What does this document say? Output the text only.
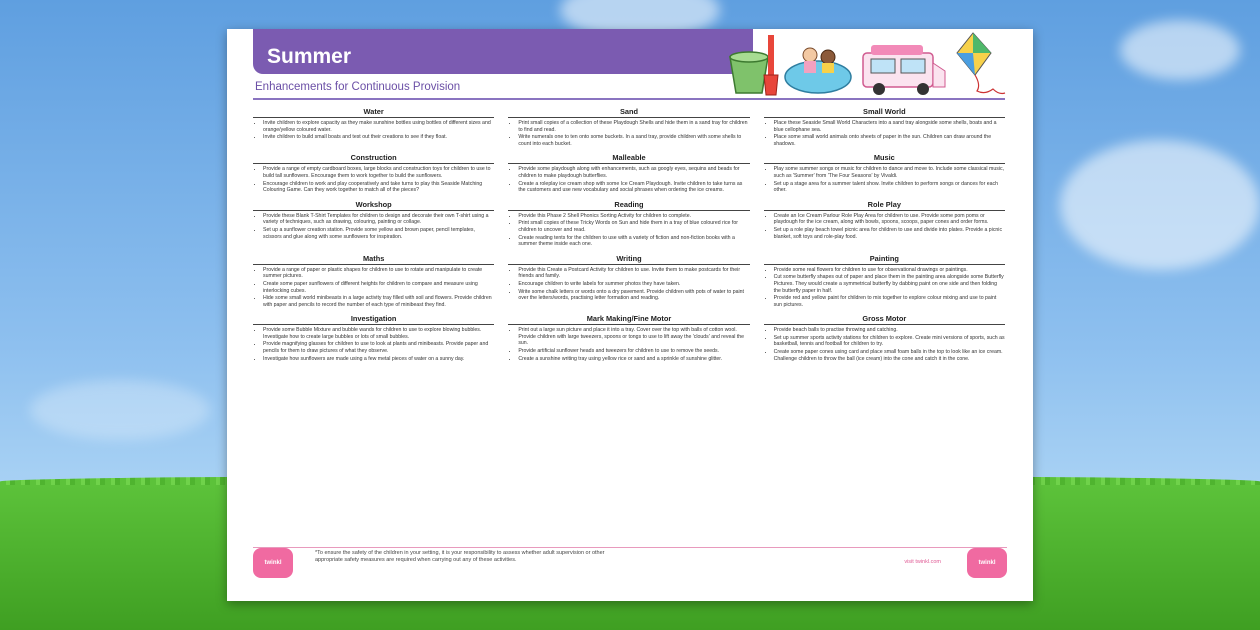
Summer
Enhancements for Continuous Provision
Water
• Invite children to explore capacity as they make sunshine bottles using bottles of different sizes and orange/yellow coloured water.
• Invite children to build small boats and test out their creations to see if they float.
Sand
• Print small copies of a collection of these Playdough Shells and hide them in a sand tray for children to find and read.
• Write numerals one to ten onto some buckets. In a sand tray, provide children with some shells to count into each bucket.
Small World
• Place these Seaside Small World Characters into a sand tray alongside some shells, boats and a blue cellophane sea.
• Place some small world animals onto sheets of paper in the sun. Children can draw around the shadows.
Construction
• Provide a range of empty cardboard boxes, large blocks and construction toys for children to use to build tall sunflowers. Encourage them to work together to build the sunflowers.
• Encourage children to work and play cooperatively and take turns to play this Seaside Matching Colouring Game. Can they work together to match all of the pieces?
Malleable
• Provide some playdough along with enhancements, such as googly eyes, sequins and beads for children to make playdough butterflies.
• Create a roleplay ice cream shop with some Ice Cream Playdough. Invite children to take turns as the customers and use new vocabulary and social phrases when ordering the ice creams.
Music
• Play some summer songs or music for children to dance and move to. Include some classical music, such as 'Summer' from 'The Four Seasons' by Vivaldi.
• Set up a stage area for a summer talent show. Invite children to perform songs or dances for each other.
Workshop
• Provide these Blank T-Shirt Templates for children to design and decorate their own T-shirt using a variety of techniques, such as drawing, colouring, painting or collage.
• Set up a sunflower creation station. Provide some yellow and brown paper, pencil templates, scissors and glue along with some sunflowers for inspiration.
Reading
• Provide this Phase 2 Shell Phonics Sorting Activity for children to complete.
• Print small copies of these Tricky Words on Sun and hide them in a tray of blue coloured rice for children to uncover and read.
• Create reading tents for the children to use with a variety of fiction and non-fiction books with a summer theme inside each one.
Role Play
• Create an Ice Cream Parlour Role Play Area for children to use. Provide some pom poms or playdough for the ice cream, along with bowls, spoons, scoops, paper cones and order forms.
• Set up a role play beach towel picnic area for children to use and divide into plates. Provide a picnic blanket, soft toys and role-play food.
Maths
• Provide a range of paper or plastic shapes for children to use to rotate and manipulate to create summer pictures.
• Create some paper sunflowers of different heights for children to compare and measure using interlocking cubes.
• Hide some small world minibeasts in a large activity tray filled with soil and flowers. Provide children with paper and pencils to record the number of each type of minibeast they find.
Writing
• Provide this Create a Postcard Activity for children to use. Invite them to make postcards for their friends and family.
• Encourage children to write labels for summer photos they have taken.
• Write some chalk letters or words onto a dry pavement. Provide children with pots of water to paint over the letters/words, practising letter formation and reading.
Painting
• Provide some real flowers for children to use for observational drawings or paintings.
• Cut some butterfly shapes out of paper and place them in the painting area alongside some Butterfly Pictures. They would create a symmetrical butterfly by dabbing paint on one side and then folding the butterfly paper in half.
• Provide red and yellow paint for children to mix together to explore colour mixing and use to paint sun pictures.
Investigation
• Provide some Bubble Mixture and bubble wands for children to use to explore blowing bubbles. Investigate how to create large bubbles or lots of small bubbles.
• Provide magnifying glasses for children to use to look at plants and minibeasts. Provide paper and pencils for them to draw pictures of what they observe.
• Investigate how sunflowers are made using a few metal pieces of water on a sunny day.
Mark Making/Fine Motor
• Print out a large sun picture and place it into a tray. Cover over the top with balls of cotton wool. Provide children with large tweezers, spoons or tongs to use to lift away the 'clouds' and reveal the sun.
• Provide artificial sunflower heads and tweezers for children to use to remove the seeds.
• Create a sunshine writing tray using yellow rice or sand and a sprinkle of sunshine glitter.
Gross Motor
• Provide beach balls to practise throwing and catching.
• Set up summer sports activity stations for children to explore. Create mini versions of sports, such as basketball, tennis and football for children to try.
• Create some paper cones using card and place small foam balls in the top to look like an ice cream. Challenge children to throw the ball (ice cream) into the cone and catch it in the cone.
twinkl
*To ensure the safety of the children in your setting, it is your responsibility to assess whether adult supervision or other appropriate safety measures are required when carrying out any of these activities.	visit twinkl.com	twinkl
